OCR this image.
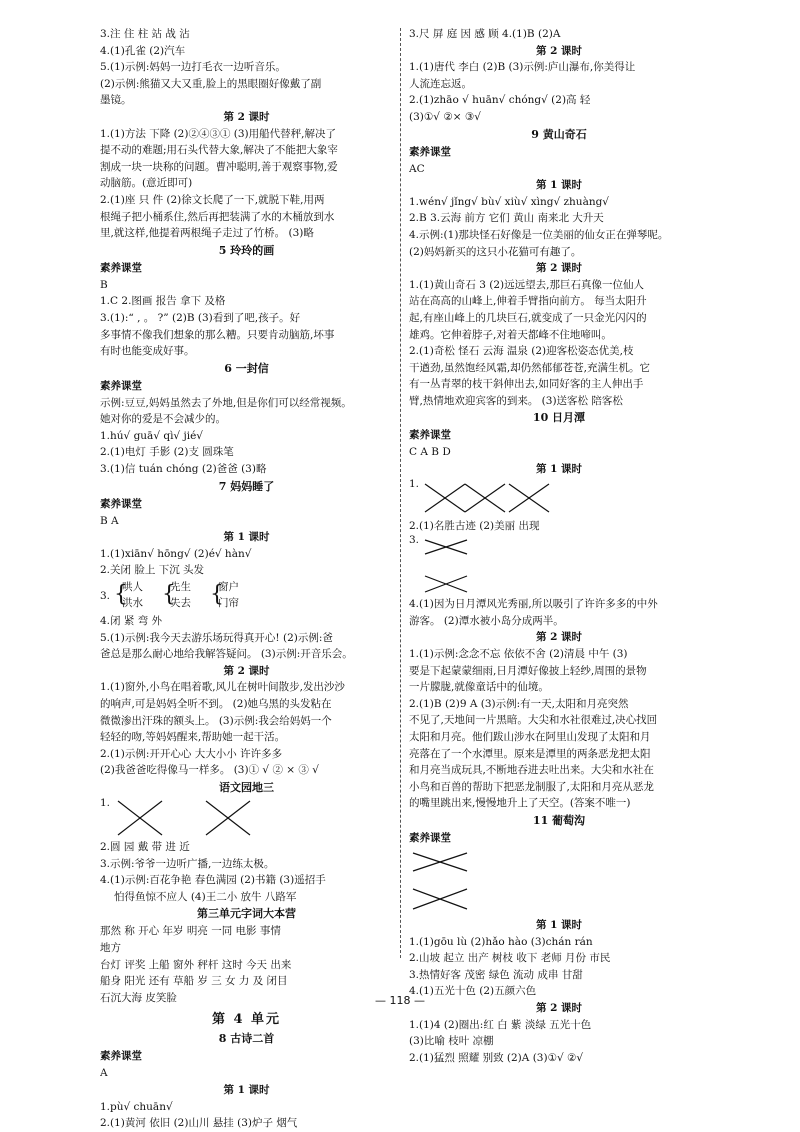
3.注 住 柱 站 战 沾
4.(1)孔雀 (2)汽车
5.(1)示例:妈妈一边打毛衣一边听音乐。
(2)示例:熊猫又大又重,脸上的黑眼圈好像戴了副
墨镜。
第 2 课时
1.(1)方法 下降 (2)②④③① (3)用船代替秤,解决了
提不动的难题;用石头代替大象,解决了不能把大象宰
割成一块一块称的问题。曹冲聪明,善于观察事物,爱
动脑筋。(意近即可)
2.(1)座 只 件 (2)徐文长爬了一下,就脱下鞋,用两
根绳子把小桶系住,然后再把装满了水的木桶放到水
里,就这样,他提着两根绳子走过了竹桥。 (3)略
5 玲玲的画
素养课堂
B
1.C 2.图画 报告 拿下 及格
3.(1):“ , 。 ?” (2)B (3)看到了吧,孩子。好
多事情不像我们想象的那么糟。只要肯动脑筋,坏事
有时也能变成好事。
6 一封信
素养课堂
示例:豆豆,妈妈虽然去了外地,但是你们可以经常视频。
她对你的爱是不会减少的。
1.hú√ guā√ qì√ jié√
2.(1)电灯 手影 (2)支 圆珠笔
3.(1)信 tuán chóng (2)爸爸 (3)略
7 妈妈睡了
素养课堂
B A
第 1 课时
1.(1)xiān√ hōng√ (2)é√ hàn√
2.关闭 脸上 下沉 头发
3. {
哄人
洪水 {
先生
失去 {
窗户
门帘
4.闭 紧 弯 外
5.(1)示例:我今天去游乐场玩得真开心! (2)示例:爸
爸总是那么耐心地给我解答疑问。 (3)示例:开音乐会。
第 2 课时
1.(1)窗外,小鸟在唱着歌,风儿在树叶间散步,发出沙沙
的响声,可是妈妈全听不到。 (2)她乌黑的头发粘在
微微渗出汗珠的额头上。 (3)示例:我会给妈妈一个
轻轻的吻,等妈妈醒来,帮助她一起干活。
2.(1)示例:开开心心 大大小小 许许多多
(2)我爸爸吃得像马一样多。 (3)① √ ② × ③ √
语文园地三
1.
2.圆 园 戴 带 进 近
3.示例:爷爷一边听广播,一边练太极。
4.(1)示例:百花争艳 春色满园 (2)书籍 (3)遥招手
怕得鱼惊不应人 (4)王二小 放牛 八路军
第三单元字词大本营
那然 称 开心 年岁 明亮 一同 电影 事情
地方
台灯 评奖 上船 窗外 秤杆 这时 今天 出来
船身 阳光 还有 草船 岁 三 女 力 及 闭目
石沉大海 皮笑脸
第 4 单元
8 古诗二首
素养课堂
A
第 1 课时
1.pù√ chuān√
2.(1)黄河 依旧 (2)山川 悬挂 (3)炉子 烟气
3.尺 屏 庭 因 感 顾 4.(1)B (2)A
第 2 课时
1.(1)唐代 李白 (2)B (3)示例:庐山瀑布,你美得让
人流连忘返。
2.(1)zhāo √ huān√ chóng√ (2)高 轻
(3)①√ ②× ③√
9 黄山奇石
素养课堂
AC
第 1 课时
1.wén√ jǐng√ bù√ xiù√ xìng√ zhuàng√
2.B 3.云海 前方 它们 黄山 南来北 大升天
4.示例:(1)那块怪石好像是一位美丽的仙女正在弹琴呢。
(2)妈妈新买的这只小花猫可有趣了。
第 2 课时
1.(1)黄山奇石 3 (2)远远望去,那巨石真像一位仙人
站在高高的山峰上,伸着手臂指向前方。 每当太阳升
起,有座山峰上的几块巨石,就变成了一只金光闪闪的
雄鸡。它伸着脖子,对着天都峰不住地啼叫。
2.(1)奇松 怪石 云海 温泉 (2)迎客松姿态优美,枝
干遒劲,虽然饱经风霜,却仍然郁郁苍苍,充满生机。它
有一丛青翠的枝干斜伸出去,如同好客的主人伸出手
臂,热情地欢迎宾客的到来。 (3)送客松 陪客松
10 日月潭
素养课堂
C A B D
第 1 课时
1.
2.(1)名胜古迹 (2)美丽 出现
3.
4.(1)因为日月潭风光秀丽,所以吸引了许许多多的中外
游客。 (2)潭水被小岛分成两半。
第 2 课时
1.(1)示例:念念不忘 依依不舍 (2)清晨 中午 (3)
要是下起蒙蒙细雨,日月潭好像披上轻纱,周围的景物
一片朦胧,就像童话中的仙境。
2.(1)B (2)9 A (3)示例:有一天,太阳和月亮突然
不见了,天地间一片黑暗。大尖和水社很难过,决心找回
太阳和月亮。他们跋山涉水在阿里山发现了太阳和月
亮落在了一个水潭里。原来是潭里的两条恶龙把太阳
和月亮当成玩具,不断地吞进去吐出来。大尖和水社在
小鸟和百兽的帮助下把恶龙制服了,太阳和月亮从恶龙
的嘴里跳出来,慢慢地升上了天空。(答案不唯一)
11 葡萄沟
素养课堂
第 1 课时
1.(1)gōu lù (2)hǎo hào (3)chán rán
2.山坡 起立 出产 树枝 收下 老师 月份 市民
3.热情好客 茂密 绿色 流动 成串 甘甜
4.(1)五光十色 (2)五颜六色
第 2 课时
1.(1)4 (2)圈出:红 白 紫 淡绿 五光十色
(3)比喻 枝叶 凉棚
2.(1)猛烈 照耀 别致 (2)A (3)①√ ②√
— 118 —
